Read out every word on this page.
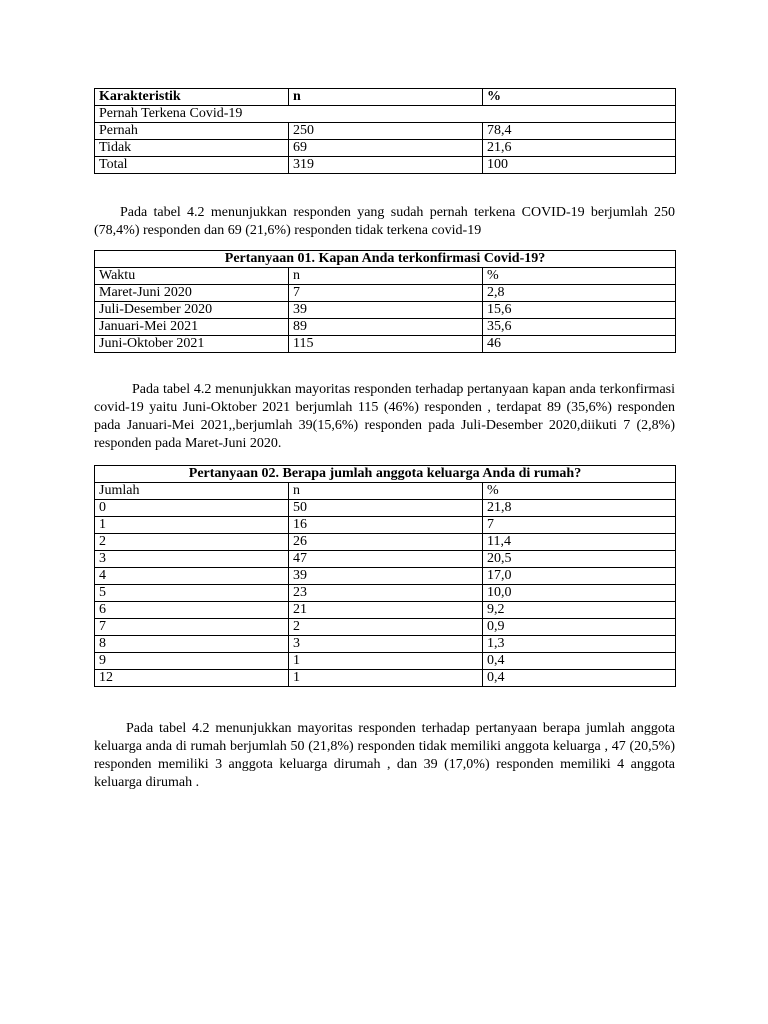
Karakteristik	n	%
Pernah Terkena Covid-19		
Pernah	250	78,4
Tidak	69	21,6
Total	319	100

Pada tabel 4.2 menunjukkan responden yang sudah pernah terkena COVID-19 berjumlah 250 (78,4%) responden dan 69 (21,6%) responden tidak terkena covid-19

Pertanyaan 01. Kapan Anda terkonfirmasi Covid-19?		
Waktu	n	%
Maret-Juni 2020	7	2,8
Juli-Desember 2020	39	15,6
Januari-Mei 2021	89	35,6
Juni-Oktober 2021	115	46

Pada tabel 4.2 menunjukkan mayoritas responden terhadap pertanyaan kapan anda terkonfirmasi covid-19 yaitu Juni-Oktober 2021 berjumlah 115 (46%) responden , terdapat 89 (35,6%) responden pada Januari-Mei 2021,,berjumlah 39(15,6%) responden pada Juli-Desember 2020,diikuti 7 (2,8%) responden pada Maret-Juni 2020.

Pertanyaan 02. Berapa jumlah anggota keluarga Anda di rumah?		
Jumlah	n	%
0	50	21,8
1	16	7
2	26	11,4
3	47	20,5
4	39	17,0
5	23	10,0
6	21	9,2
7	2	0,9
8	3	1,3
9	1	0,4
12	1	0,4

Pada tabel 4.2 menunjukkan mayoritas responden terhadap pertanyaan berapa jumlah anggota keluarga anda di rumah berjumlah 50 (21,8%) responden tidak memiliki anggota keluarga , 47 (20,5%) responden memiliki 3 anggota keluarga dirumah , dan 39 (17,0%) responden memiliki 4 anggota keluarga dirumah .
